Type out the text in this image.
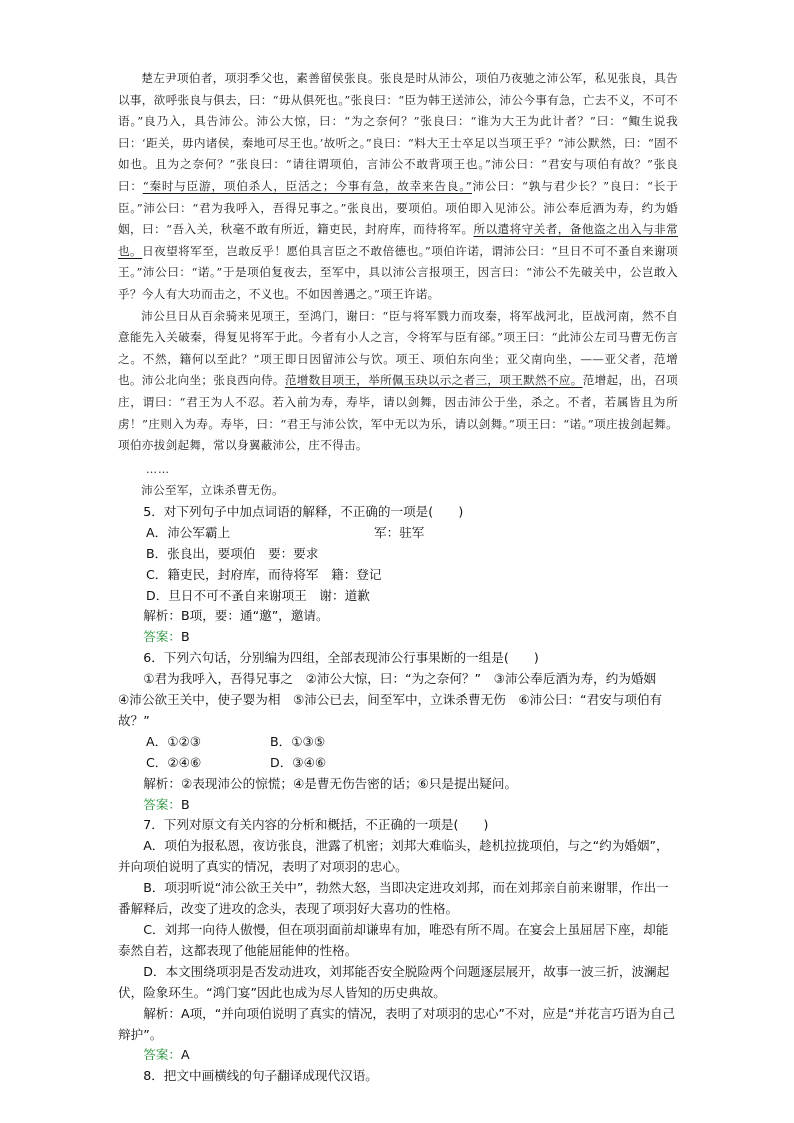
楚左尹项伯者，项羽季父也，素善留侯张良。张良是时从沛公，项伯乃夜驰之沛公军，私见张良，具告以事，欲呼张良与俱去，曰：“毋从俱死也。”张良曰：“臣为韩王送沛公，沛公今事有急，亡去不义，不可不语。”良乃入，具告沛公。沛公大惊，曰：“为之奈何？”张良曰：“谁为大王为此计者？”曰：“鲰生说我曰：‘距关，毋内诸侯，秦地可尽王也。’故听之。”良曰：“料大王士卒足以当项王乎？”沛公默然，曰：“固不如也。且为之奈何？”张良曰：“请往谓项伯，言沛公不敢背项王也。”沛公曰：“君安与项伯有故？”张良曰：“秦时与臣游，项伯杀人，臣活之；今事有急，故幸来告良。”沛公曰：“孰与君少长？”良曰：“长于臣。”沛公曰：“君为我呼入，吾得兄事之。”张良出，要项伯。项伯即入见沛公。沛公奉卮酒为寿，约为婚姻，曰：“吾入关，秋毫不敢有所近，籍吏民，封府库，而待将军。所以遣将守关者，备他盗之出入与非常也。日夜望将军至，岂敢反乎！愿伯具言臣之不敢倍德也。”项伯许诺，谓沛公曰：“旦日不可不蚤自来谢项王。”沛公曰：“诺。”于是项伯复夜去，至军中，具以沛公言报项王，因言曰：“沛公不先破关中，公岂敢入乎？今人有大功而击之，不义也。不如因善遇之。”项王许诺。

沛公旦日从百余骑来见项王，至鸿门，谢曰：“臣与将军戮力而攻秦，将军战河北，臣战河南，然不自意能先入关破秦，得复见将军于此。今者有小人之言，令将军与臣有郤。”项王曰：“此沛公左司马曹无伤言之。不然，籍何以至此？”项王即日因留沛公与饮。项王、项伯东向坐；亚父南向坐，——亚父者，范增也。沛公北向坐；张良西向侍。范增数目项王，举所佩玉玦以示之者三，项王默然不应。范增起，出，召项庄，谓曰：“君王为人不忍。若入前为寿，寿毕，请以剑舞，因击沛公于坐，杀之。不者，若属皆且为所虏！”庄则入为寿。寿毕，曰：“君王与沛公饮，军中无以为乐，请以剑舞。”项王曰：“诺。”项庄拔剑起舞。项伯亦拔剑起舞，常以身翼蔽沛公，庄不得击。

……

沛公至军，立诛杀曹无伤。

5．对下列句子中加点词语的解释，不正确的一项是(　　)

A．沛公军霸上	军：驻军

B．张良出，要项伯　要：要求

C．籍吏民，封府库，而待将军　籍：登记

D．旦日不可不蚤自来谢项王　谢：道歉

解析：B项，要：通“邀”，邀请。

答案：B

6．下列六句话，分别编为四组，全部表现沛公行事果断的一组是(　　)

①君为我呼入，吾得兄事之　②沛公大惊，曰：“为之奈何？”　③沛公奉卮酒为寿，约为婚姻　④沛公欲王关中，使子婴为相　⑤沛公已去，间至军中，立诛杀曹无伤　⑥沛公曰：“君安与项伯有故？”

A．①②③	B．①③⑤
C．②④⑥	D．③④⑥

解析：②表现沛公的惊慌；④是曹无伤告密的话；⑥只是提出疑问。

答案：B

7．下列对原文有关内容的分析和概括，不正确的一项是(　　)

A．项伯为报私恩，夜访张良，泄露了机密；刘邦大难临头，趁机拉拢项伯，与之“约为婚姻”，并向项伯说明了真实的情况，表明了对项羽的忠心。

B．项羽听说“沛公欲王关中”，勃然大怒，当即决定进攻刘邦，而在刘邦亲自前来谢罪，作出一番解释后，改变了进攻的念头，表现了项羽好大喜功的性格。

C．刘邦一向待人傲慢，但在项羽面前却谦卑有加，唯恐有所不周。在宴会上虽屈居下座，却能泰然自若，这都表现了他能屈能伸的性格。

D．本文围绕项羽是否发动进攻，刘邦能否安全脱险两个问题逐层展开，故事一波三折，波澜起伏，险象环生。“鸿门宴”因此也成为尽人皆知的历史典故。

解析：A项，“并向项伯说明了真实的情况，表明了对项羽的忠心”不对，应是“并花言巧语为自己辩护”。

答案：A

8．把文中画横线的句子翻译成现代汉语。
